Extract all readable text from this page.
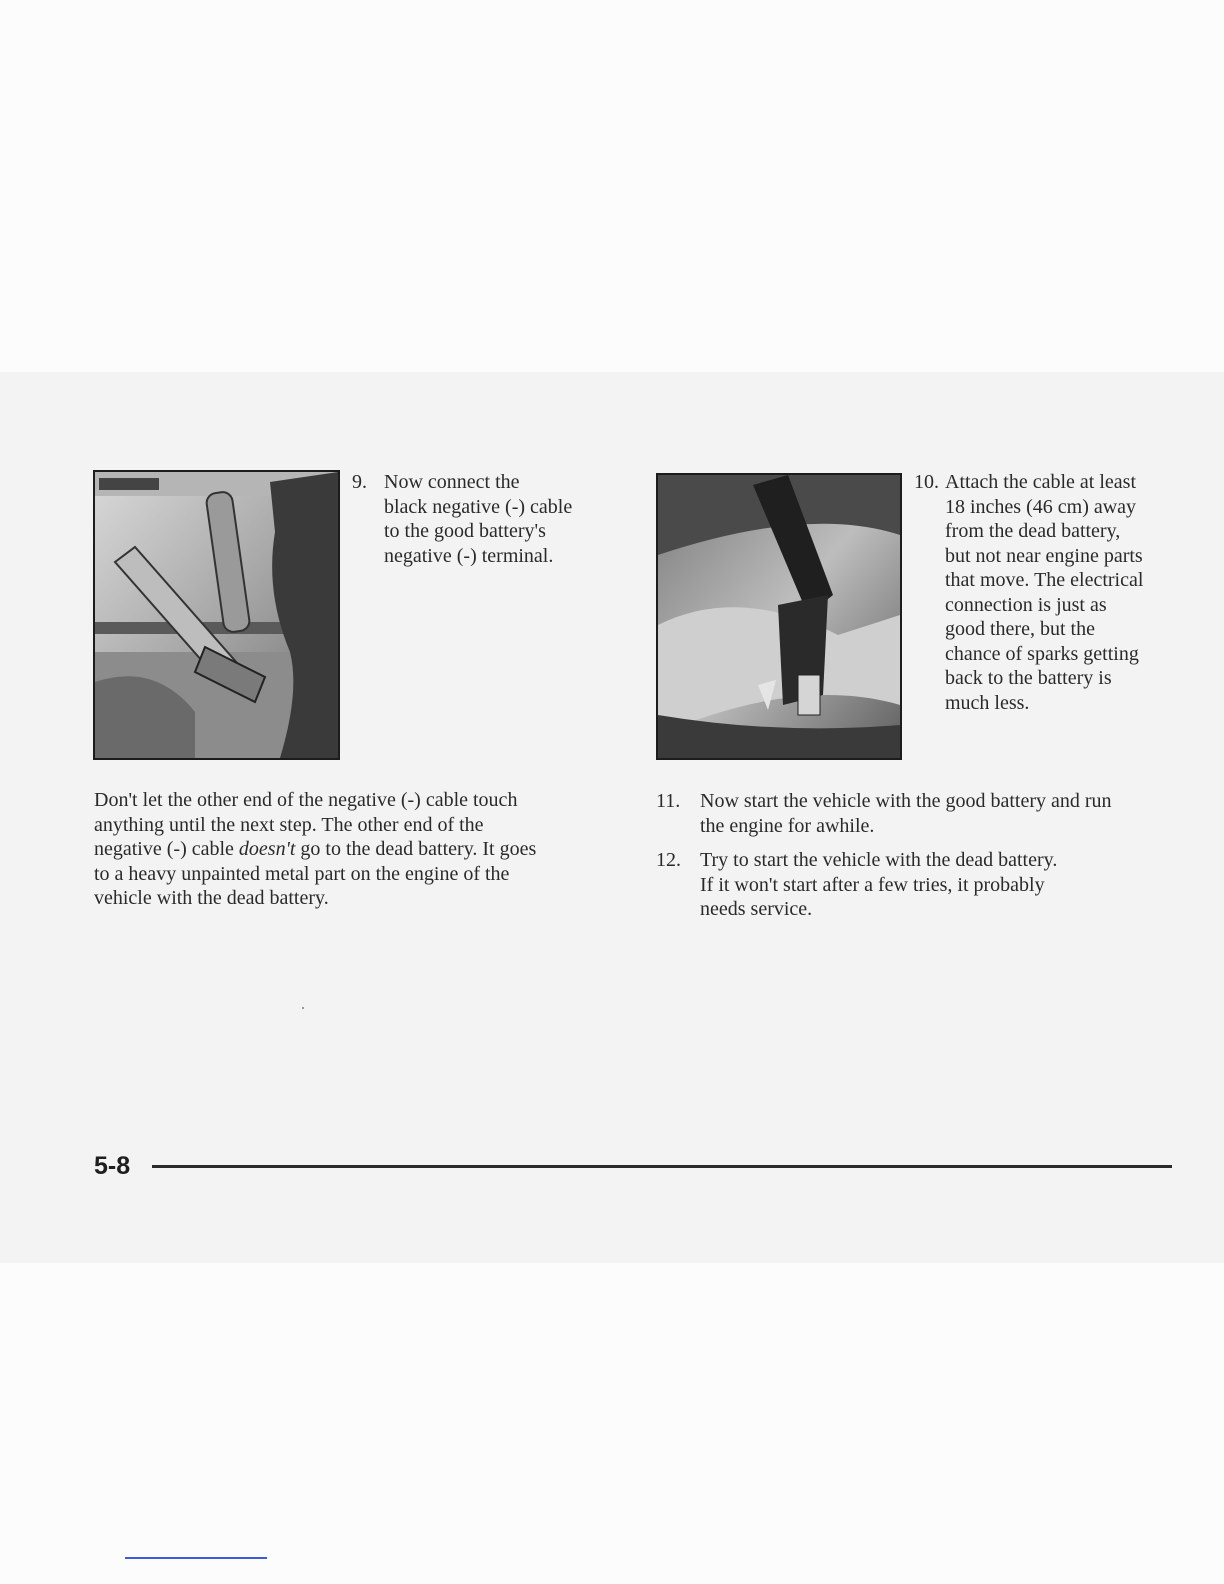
9. Now connect the
black negative (-) cable
to the good battery's
negative (-) terminal.
10. Attach the cable at least
18 inches (46 cm) away
from the dead battery,
but not near engine parts
that move. The electrical
connection is just as
good there, but the
chance of sparks getting
back to the battery is
much less.
Don't let the other end of the negative (-) cable touch
anything until the next step. The other end of the
negative (-) cable doesn't go to the dead battery. It goes
to a heavy unpainted metal part on the engine of the
vehicle with the dead battery.
11. Now start the vehicle with the good battery and run
the engine for awhile.
12. Try to start the vehicle with the dead battery.
If it won't start after a few tries, it probably
needs service.
5-8
